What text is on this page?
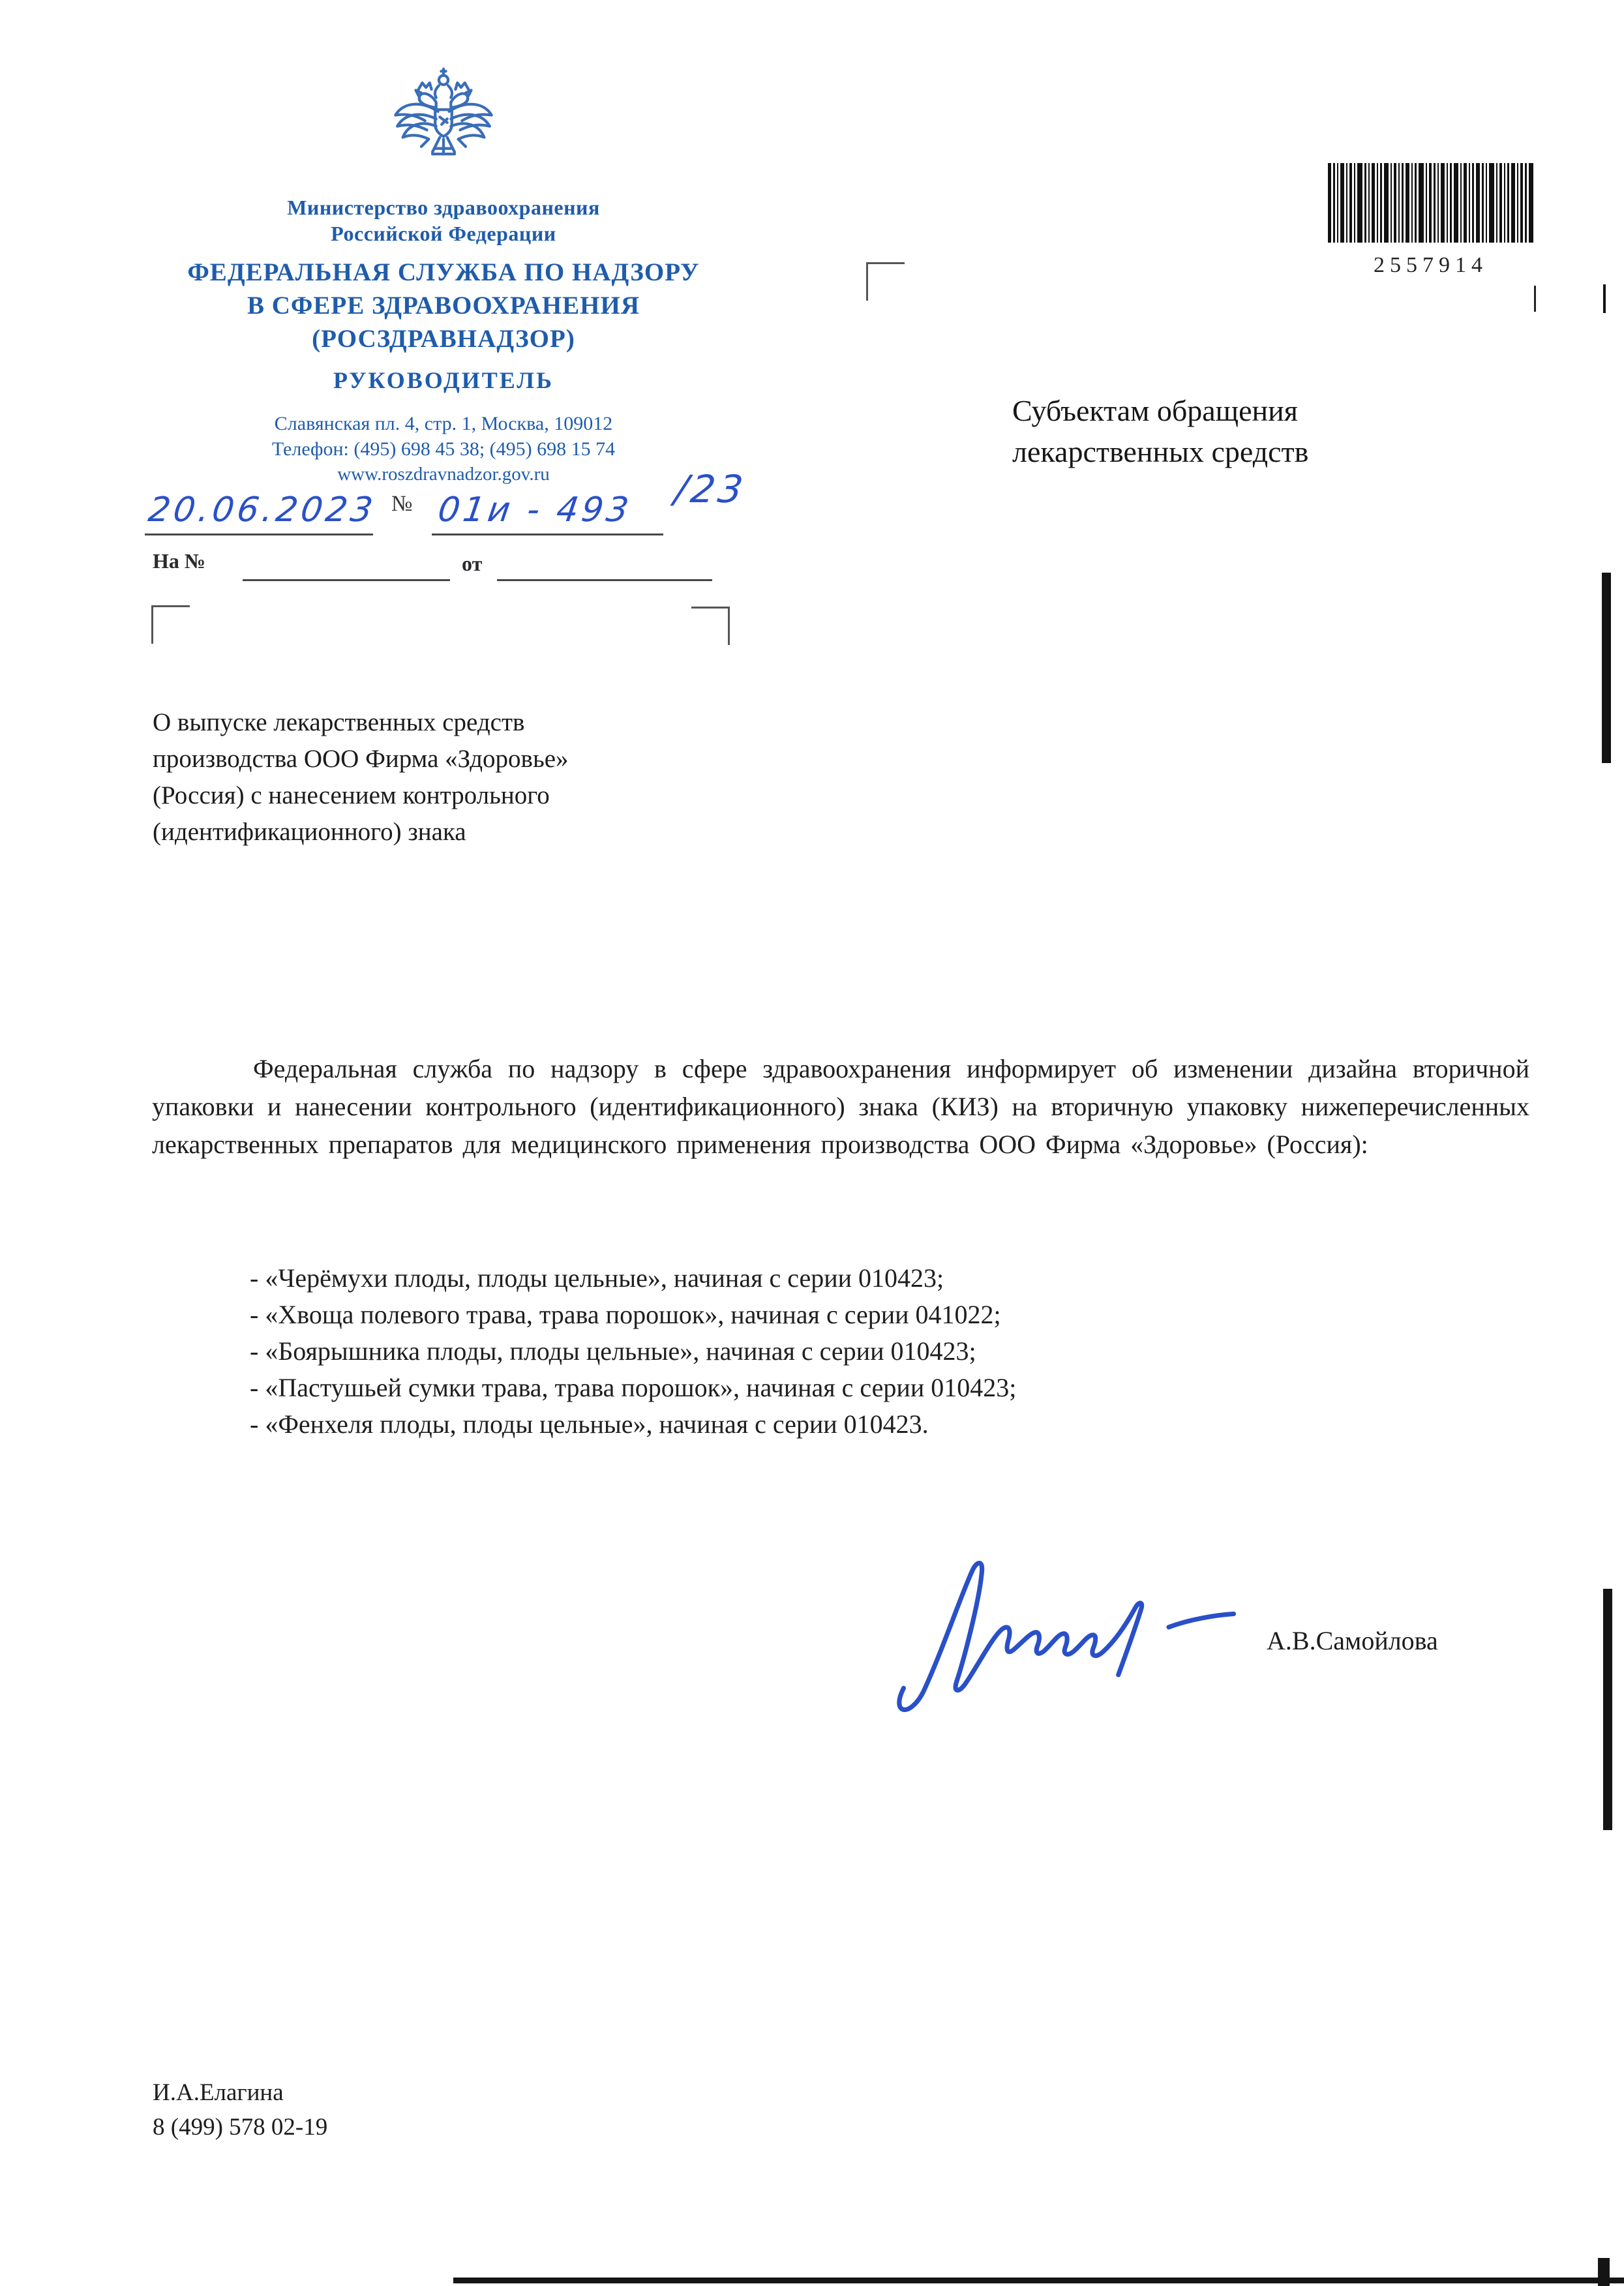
Министерство здравоохранения
Российской Федерации
ФЕДЕРАЛЬНАЯ СЛУЖБА ПО НАДЗОРУ
В СФЕРЕ ЗДРАВООХРАНЕНИЯ
(РОСЗДРАВНАДЗОР)
РУКОВОДИТЕЛЬ
Славянская пл. 4, стр. 1, Москва, 109012
Телефон: (495) 698 45 38; (495) 698 15 74
www.roszdravnadzor.gov.ru
20.06.2023 № 01и - 493 /23
На №	от
2557914
Субъектам обращения
лекарственных средств
О выпуске лекарственных средств
производства ООО Фирма «Здоровье»
(Россия) с нанесением контрольного
(идентификационного) знака

Федеральная служба по надзору в сфере здравоохранения информирует об изменении дизайна вторичной упаковки и нанесении контрольного (идентификационного) знака (КИЗ) на вторичную упаковку нижеперечисленных лекарственных препаратов для медицинского применения производства ООО Фирма «Здоровье» (Россия):

- «Черёмухи плоды, плоды цельные», начиная с серии 010423;
- «Хвоща полевого трава, трава порошок», начиная с серии 041022;
- «Боярышника плоды, плоды цельные», начиная с серии 010423;
- «Пастушьей сумки трава, трава порошок», начиная с серии 010423;
- «Фенхеля плоды, плоды цельные», начиная с серии 010423.
А.В.Самойлова
И.А.Елагина
8 (499) 578 02-19
